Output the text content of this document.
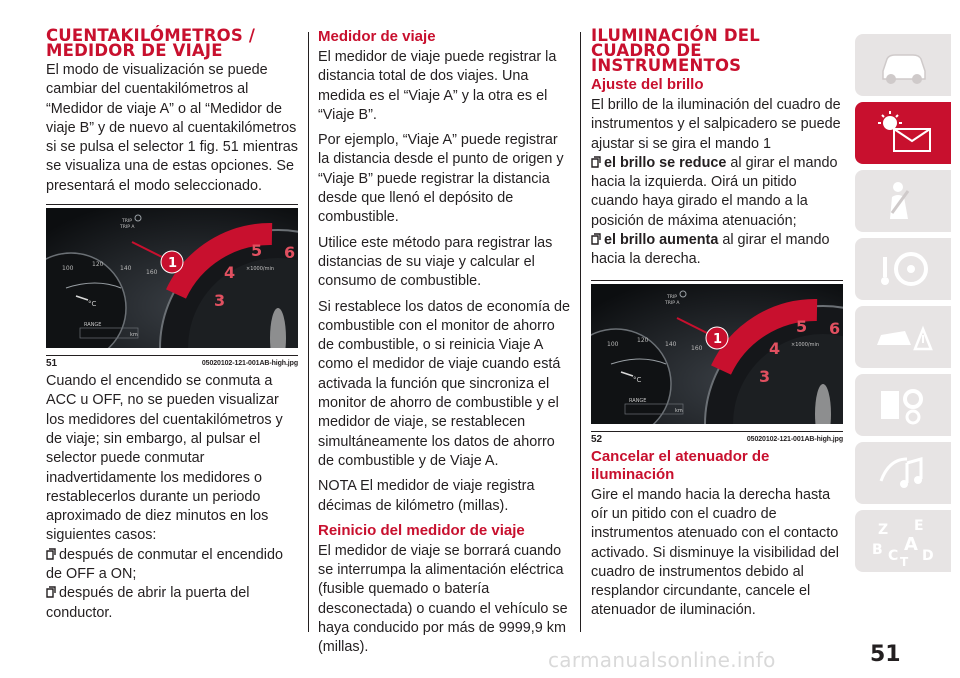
CUENTAKILÓMETROS / MEDIDOR DE VIAJE

El modo de visualización se puede cambiar del cuentakilómetros al “Medidor de viaje A” o al “Medidor de viaje B” y de nuevo al cuentakilómetros si se pulsa el selector 1 fig. 51 mientras se visualiza una de estas opciones. Se presentará el modo seleccionado.

5 6
4
3
×1000/min
100
120
140
160
°C
RANGE
km
TRIP
TRIP A
1
51	05020102-121-001AB-high.jpg

Cuando el encendido se conmuta a ACC u OFF, no se pueden visualizar los medidores del cuentakilómetros y de viaje; sin embargo, al pulsar el selector puede conmutar inadvertidamente los medidores o restablecerlos durante un periodo aproximado de diez minutos en los siguientes casos:

después de conmutar el encendido de OFF a ON;

después de abrir la puerta del conductor.

Medidor de viaje

El medidor de viaje puede registrar la distancia total de dos viajes. Una medida es el “Viaje A” y la otra es el “Viaje B”.

Por ejemplo, “Viaje A” puede registrar la distancia desde el punto de origen y “Viaje B” puede registrar la distancia desde que llenó el depósito de combustible.

Utilice este método para registrar las distancias de su viaje y calcular el consumo de combustible.

Si restablece los datos de economía de combustible con el monitor de ahorro de combustible, o si reinicia Viaje A como el medidor de viaje cuando está activada la función que sincroniza el monitor de ahorro de combustible y el medidor de viaje, se restablecen simultáneamente los datos de ahorro de combustible y de Viaje A.

NOTA El medidor de viaje registra décimas de kilómetro (millas).

Reinicio del medidor de viaje

El medidor de viaje se borrará cuando se interrumpa la alimentación eléctrica (fusible quemado o batería desconectada) o cuando el vehículo se haya conducido por más de 9999,9 km (millas).

ILUMINACIÓN DEL CUADRO DE INSTRUMENTOS
Ajuste del brillo

El brillo de la iluminación del cuadro de instrumentos y el salpicadero se puede ajustar si se gira el mando 1

el brillo se reduce al girar el mando hacia la izquierda. Oirá un pitido cuando haya girado el mando a la posición de máxima atenuación;

el brillo aumenta al girar el mando hacia la derecha.

5 6
4
3
×1000/min
100
120
140
160
°C
RANGE
km
TRIP
TRIP A
1
52	05020102-121-001AB-high.jpg
Cancelar el atenuador de iluminación

Gire el mando hacia la derecha hasta oír un pitido con el cuadro de instrumentos atenuado con el contacto activado. Si disminuye la visibilidad del cuadro de instrumentos debido al resplandor circundante, cancele el atenuador de iluminación.

Z E
B A
C T D
carmanualsonline.info	51
